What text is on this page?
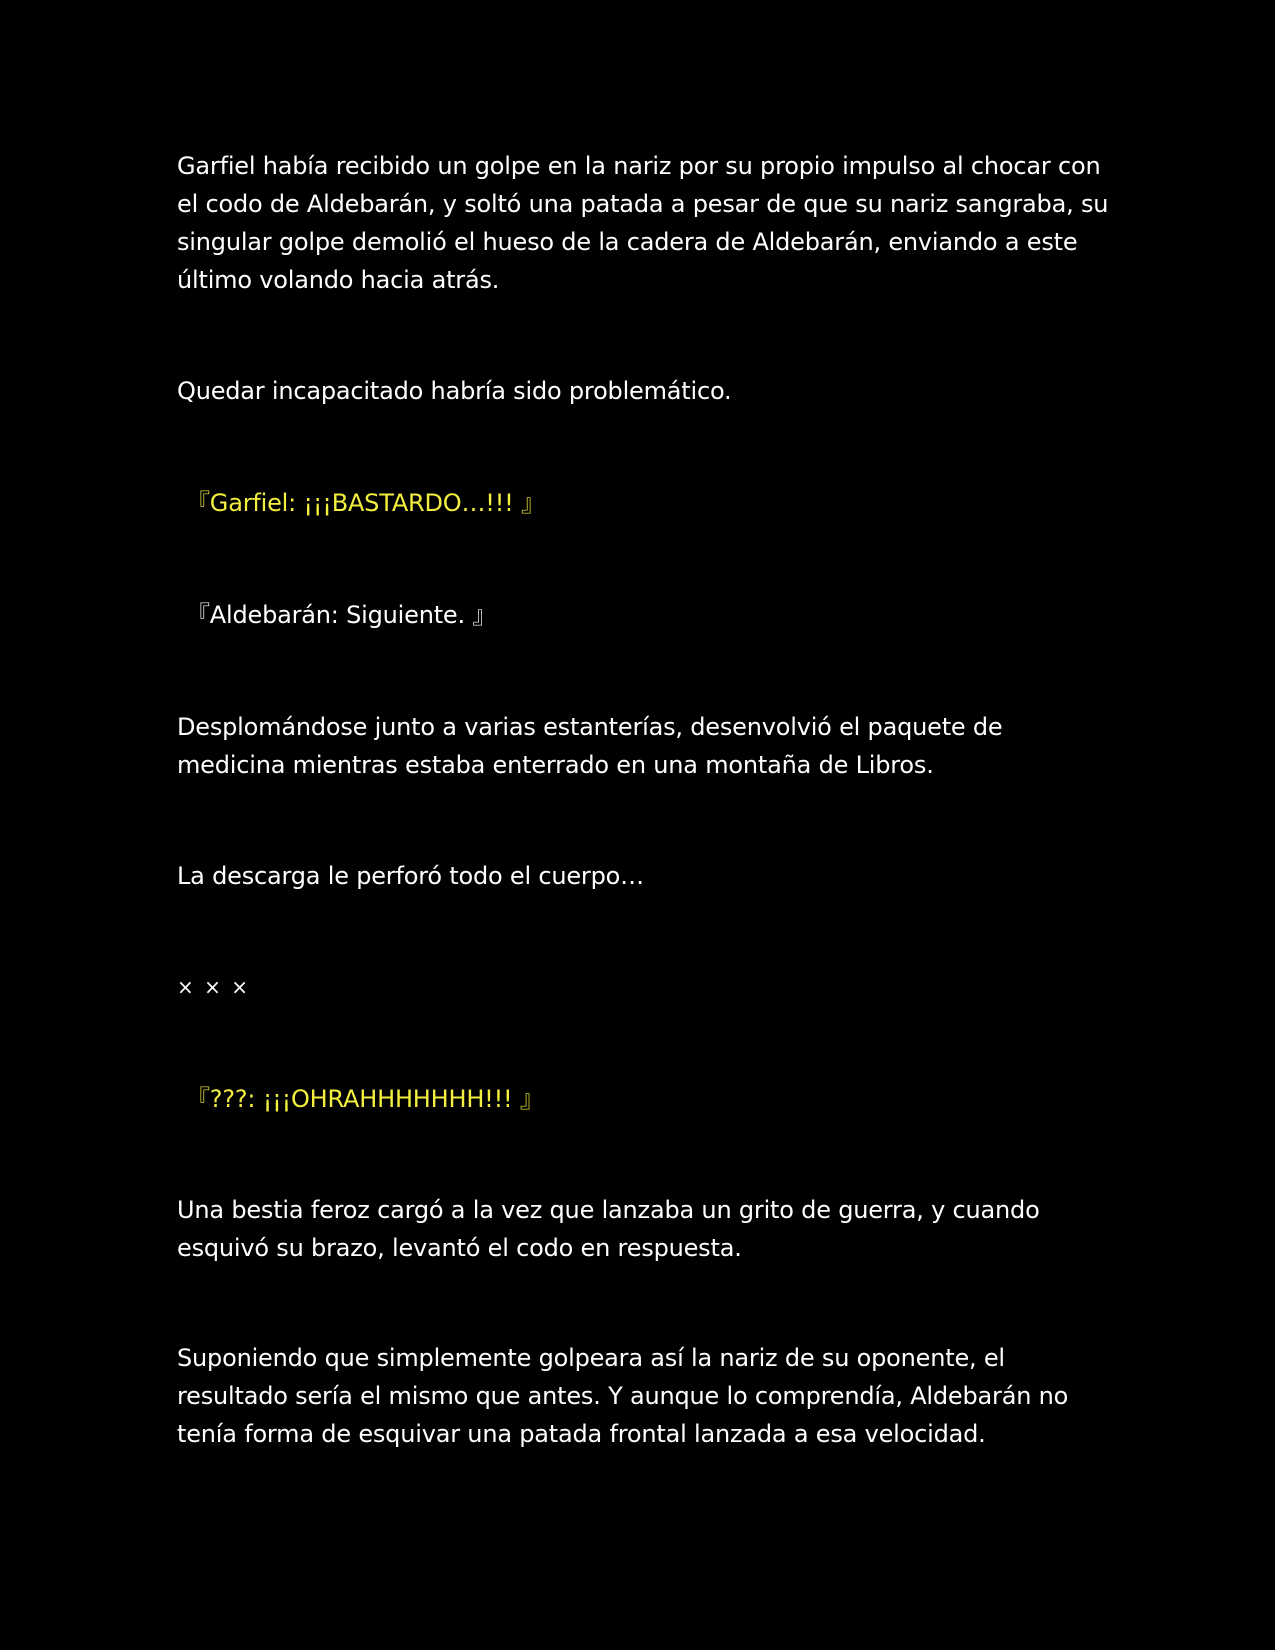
Garfiel había recibido un golpe en la nariz por su propio impulso al chocar con el codo de Aldebarán, y soltó una patada a pesar de que su nariz sangraba, su singular golpe demolió el hueso de la cadera de Aldebarán, enviando a este último volando hacia atrás.

Quedar incapacitado habría sido problemático.

『Garfiel: ¡¡¡BASTARDO…!!! 』

『Aldebarán: Siguiente. 』

Desplomándose junto a varias estanterías, desenvolvió el paquete de medicina mientras estaba enterrado en una montaña de Libros.

La descarga le perforó todo el cuerpo…

× × ×

『???: ¡¡¡OHRAHHHHHHH!!! 』

Una bestia feroz cargó a la vez que lanzaba un grito de guerra, y cuando esquivó su brazo, levantó el codo en respuesta.

Suponiendo que simplemente golpeara así la nariz de su oponente, el resultado sería el mismo que antes. Y aunque lo comprendía, Aldebarán no tenía forma de esquivar una patada frontal lanzada a esa velocidad.
